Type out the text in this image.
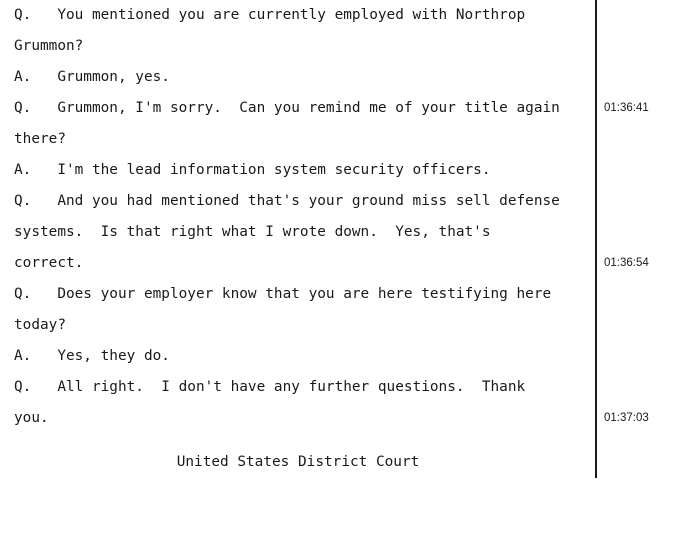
Q.   You mentioned you are currently employed with Northrop
Grummon?
A.   Grummon, yes.
Q.   Grummon, I'm sorry.  Can you remind me of your title again
there?
A.   I'm the lead information system security officers.
Q.   And you had mentioned that's your ground miss sell defense
systems.  Is that right what I wrote down.  Yes, that's
correct.
Q.   Does your employer know that you are here testifying here
today?
A.   Yes, they do.
Q.   All right.  I don't have any further questions.  Thank
you.
01:36:41
01:36:54
01:37:03
United States District Court
